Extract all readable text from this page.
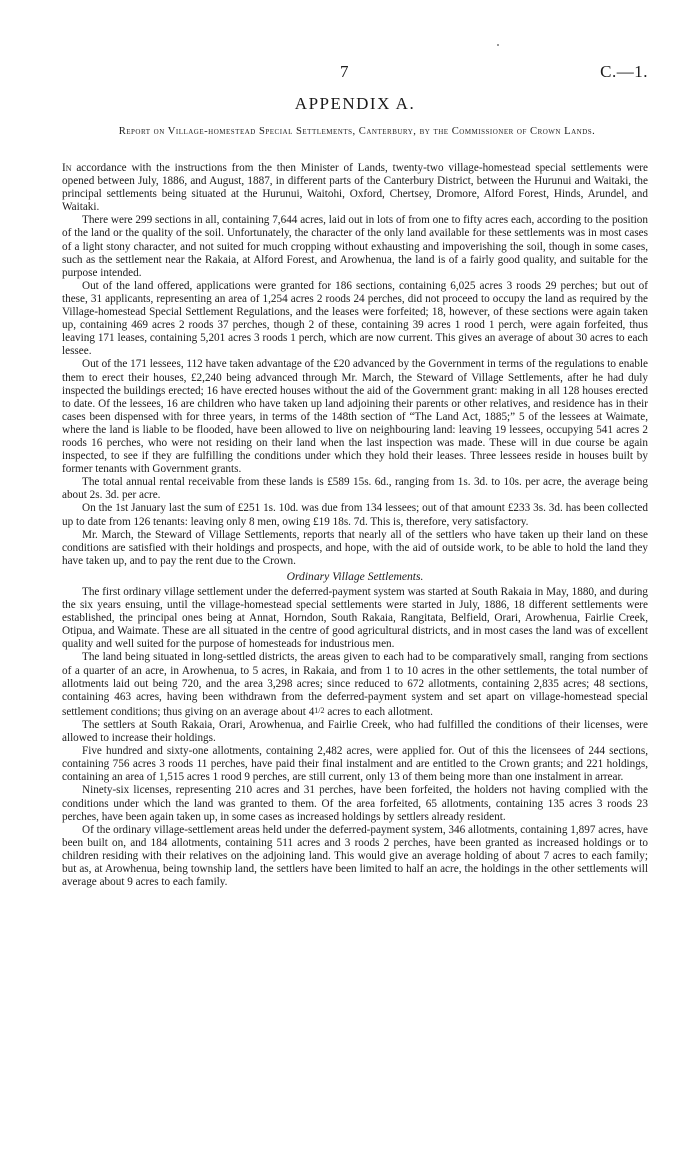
7	C.—1.
APPENDIX A.
Report on Village-homestead Special Settlements, Canterbury, by the Commissioner of Crown Lands.

In accordance with the instructions from the then Minister of Lands, twenty-two village-homestead special settlements were opened between July, 1886, and August, 1887, in different parts of the Canterbury District, between the Hurunui and Waitaki, the principal settlements being situated at the Hurunui, Waitohi, Oxford, Chertsey, Dromore, Alford Forest, Hinds, Arundel, and Waitaki.

There were 299 sections in all, containing 7,644 acres, laid out in lots of from one to fifty acres each, according to the position of the land or the quality of the soil. Unfortunately, the character of the only land available for these settlements was in most cases of a light stony character, and not suited for much cropping without exhausting and impoverishing the soil, though in some cases, such as the settlement near the Rakaia, at Alford Forest, and Arowhenua, the land is of a fairly good quality, and suitable for the purpose intended.

Out of the land offered, applications were granted for 186 sections, containing 6,025 acres 3 roods 29 perches; but out of these, 31 applicants, representing an area of 1,254 acres 2 roods 24 perches, did not proceed to occupy the land as required by the Village-homestead Special Settlement Regulations, and the leases were forfeited; 18, however, of these sections were again taken up, containing 469 acres 2 roods 37 perches, though 2 of these, containing 39 acres 1 rood 1 perch, were again forfeited, thus leaving 171 leases, containing 5,201 acres 3 roods 1 perch, which are now current. This gives an average of about 30 acres to each lessee.

Out of the 171 lessees, 112 have taken advantage of the £20 advanced by the Government in terms of the regulations to enable them to erect their houses, £2,240 being advanced through Mr. March, the Steward of Village Settlements, after he had duly inspected the buildings erected; 16 have erected houses without the aid of the Government grant: making in all 128 houses erected to date. Of the lessees, 16 are children who have taken up land adjoining their parents or other relatives, and residence has in their cases been dispensed with for three years, in terms of the 148th section of “The Land Act, 1885;” 5 of the lessees at Waimate, where the land is liable to be flooded, have been allowed to live on neighbouring land: leaving 19 lessees, occupying 541 acres 2 roods 16 perches, who were not residing on their land when the last inspection was made. These will in due course be again inspected, to see if they are fulfilling the conditions under which they hold their leases. Three lessees reside in houses built by former tenants with Government grants.

The total annual rental receivable from these lands is £589 15s. 6d., ranging from 1s. 3d. to 10s. per acre, the average being about 2s. 3d. per acre.

On the 1st January last the sum of £251 1s. 10d. was due from 134 lessees; out of that amount £233 3s. 3d. has been collected up to date from 126 tenants: leaving only 8 men, owing £19 18s. 7d. This is, therefore, very satisfactory.

Mr. March, the Steward of Village Settlements, reports that nearly all of the settlers who have taken up their land on these conditions are satisfied with their holdings and prospects, and hope, with the aid of outside work, to be able to hold the land they have taken up, and to pay the rent due to the Crown.

Ordinary Village Settlements.

The first ordinary village settlement under the deferred-payment system was started at South Rakaia in May, 1880, and during the six years ensuing, until the village-homestead special settlements were started in July, 1886, 18 different settlements were established, the principal ones being at Annat, Horndon, South Rakaia, Rangitata, Belfield, Orari, Arowhenua, Fairlie Creek, Otipua, and Waimate. These are all situated in the centre of good agricultural districts, and in most cases the land was of excellent quality and well suited for the purpose of homesteads for industrious men.

The land being situated in long-settled districts, the areas given to each had to be comparatively small, ranging from sections of a quarter of an acre, in Arowhenua, to 5 acres, in Rakaia, and from 1 to 10 acres in the other settlements, the total number of allotments laid out being 720, and the area 3,298 acres; since reduced to 672 allotments, containing 2,835 acres; 48 sections, containing 463 acres, having been withdrawn from the deferred-payment system and set apart on village-homestead special settlement conditions; thus giving on an average about 41/2 acres to each allotment.

The settlers at South Rakaia, Orari, Arowhenua, and Fairlie Creek, who had fulfilled the conditions of their licenses, were allowed to increase their holdings.

Five hundred and sixty-one allotments, containing 2,482 acres, were applied for. Out of this the licensees of 244 sections, containing 756 acres 3 roods 11 perches, have paid their final instalment and are entitled to the Crown grants; and 221 holdings, containing an area of 1,515 acres 1 rood 9 perches, are still current, only 13 of them being more than one instalment in arrear.

Ninety-six licenses, representing 210 acres and 31 perches, have been forfeited, the holders not having complied with the conditions under which the land was granted to them. Of the area forfeited, 65 allotments, containing 135 acres 3 roods 23 perches, have been again taken up, in some cases as increased holdings by settlers already resident.

Of the ordinary village-settlement areas held under the deferred-payment system, 346 allotments, containing 1,897 acres, have been built on, and 184 allotments, containing 511 acres and 3 roods 2 perches, have been granted as increased holdings or to children residing with their relatives on the adjoining land. This would give an average holding of about 7 acres to each family; but as, at Arowhenua, being township land, the settlers have been limited to half an acre, the holdings in the other settlements will average about 9 acres to each family.
